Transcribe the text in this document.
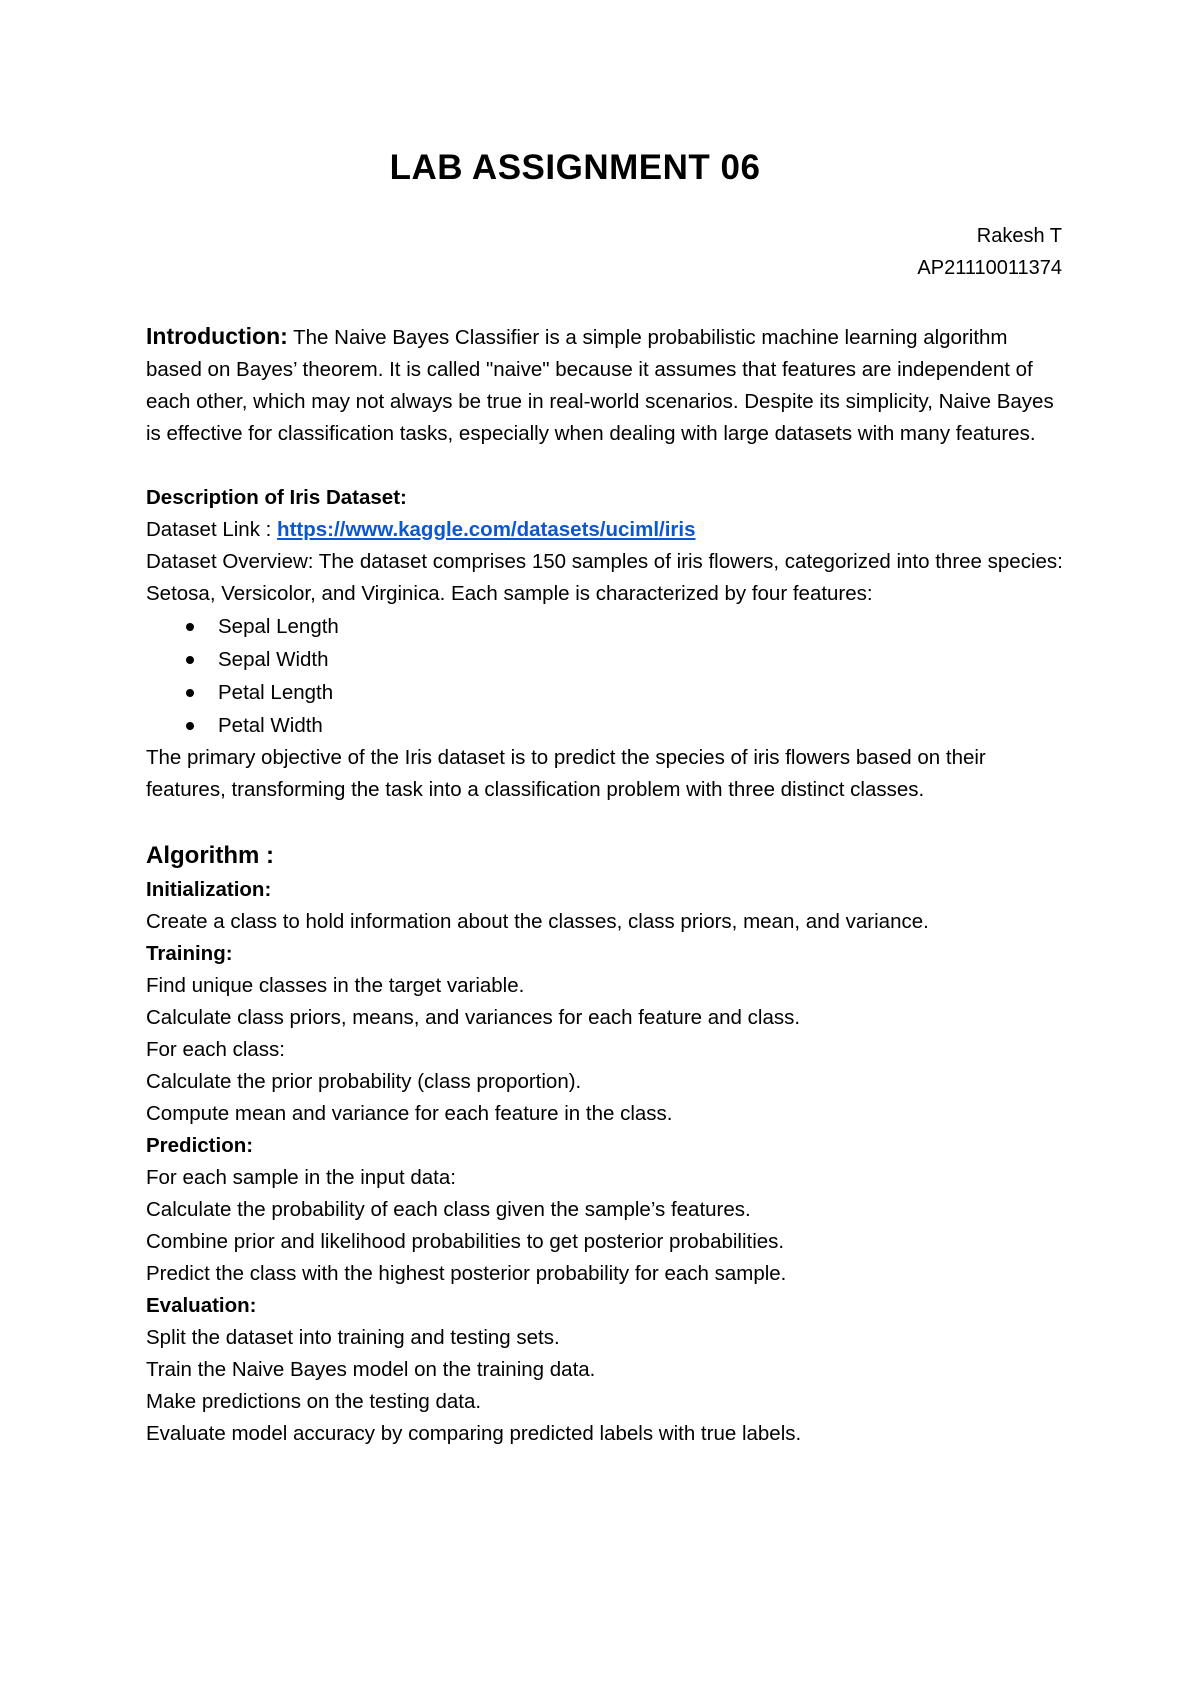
LAB ASSIGNMENT 06
Rakesh T
AP21110011374

Introduction: The Naive Bayes Classifier is a simple probabilistic machine learning algorithm based on Bayes’ theorem. It is called "naive" because it assumes that features are independent of each other, which may not always be true in real-world scenarios. Despite its simplicity, Naive Bayes is effective for classification tasks, especially when dealing with large datasets with many features.

Description of Iris Dataset:

Dataset Link : https://www.kaggle.com/datasets/uciml/iris

Dataset Overview: The dataset comprises 150 samples of iris flowers, categorized into three species: Setosa, Versicolor, and Virginica. Each sample is characterized by four features:

Sepal Length
Sepal Width
Petal Length
Petal Width

The primary objective of the Iris dataset is to predict the species of iris flowers based on their features, transforming the task into a classification problem with three distinct classes.

Algorithm :

Initialization:

Create a class to hold information about the classes, class priors, mean, and variance.

Training:

Find unique classes in the target variable.

Calculate class priors, means, and variances for each feature and class.

For each class:

Calculate the prior probability (class proportion).

Compute mean and variance for each feature in the class.

Prediction:

For each sample in the input data:

Calculate the probability of each class given the sample’s features.

Combine prior and likelihood probabilities to get posterior probabilities.

Predict the class with the highest posterior probability for each sample.

Evaluation:

Split the dataset into training and testing sets.

Train the Naive Bayes model on the training data.

Make predictions on the testing data.

Evaluate model accuracy by comparing predicted labels with true labels.
